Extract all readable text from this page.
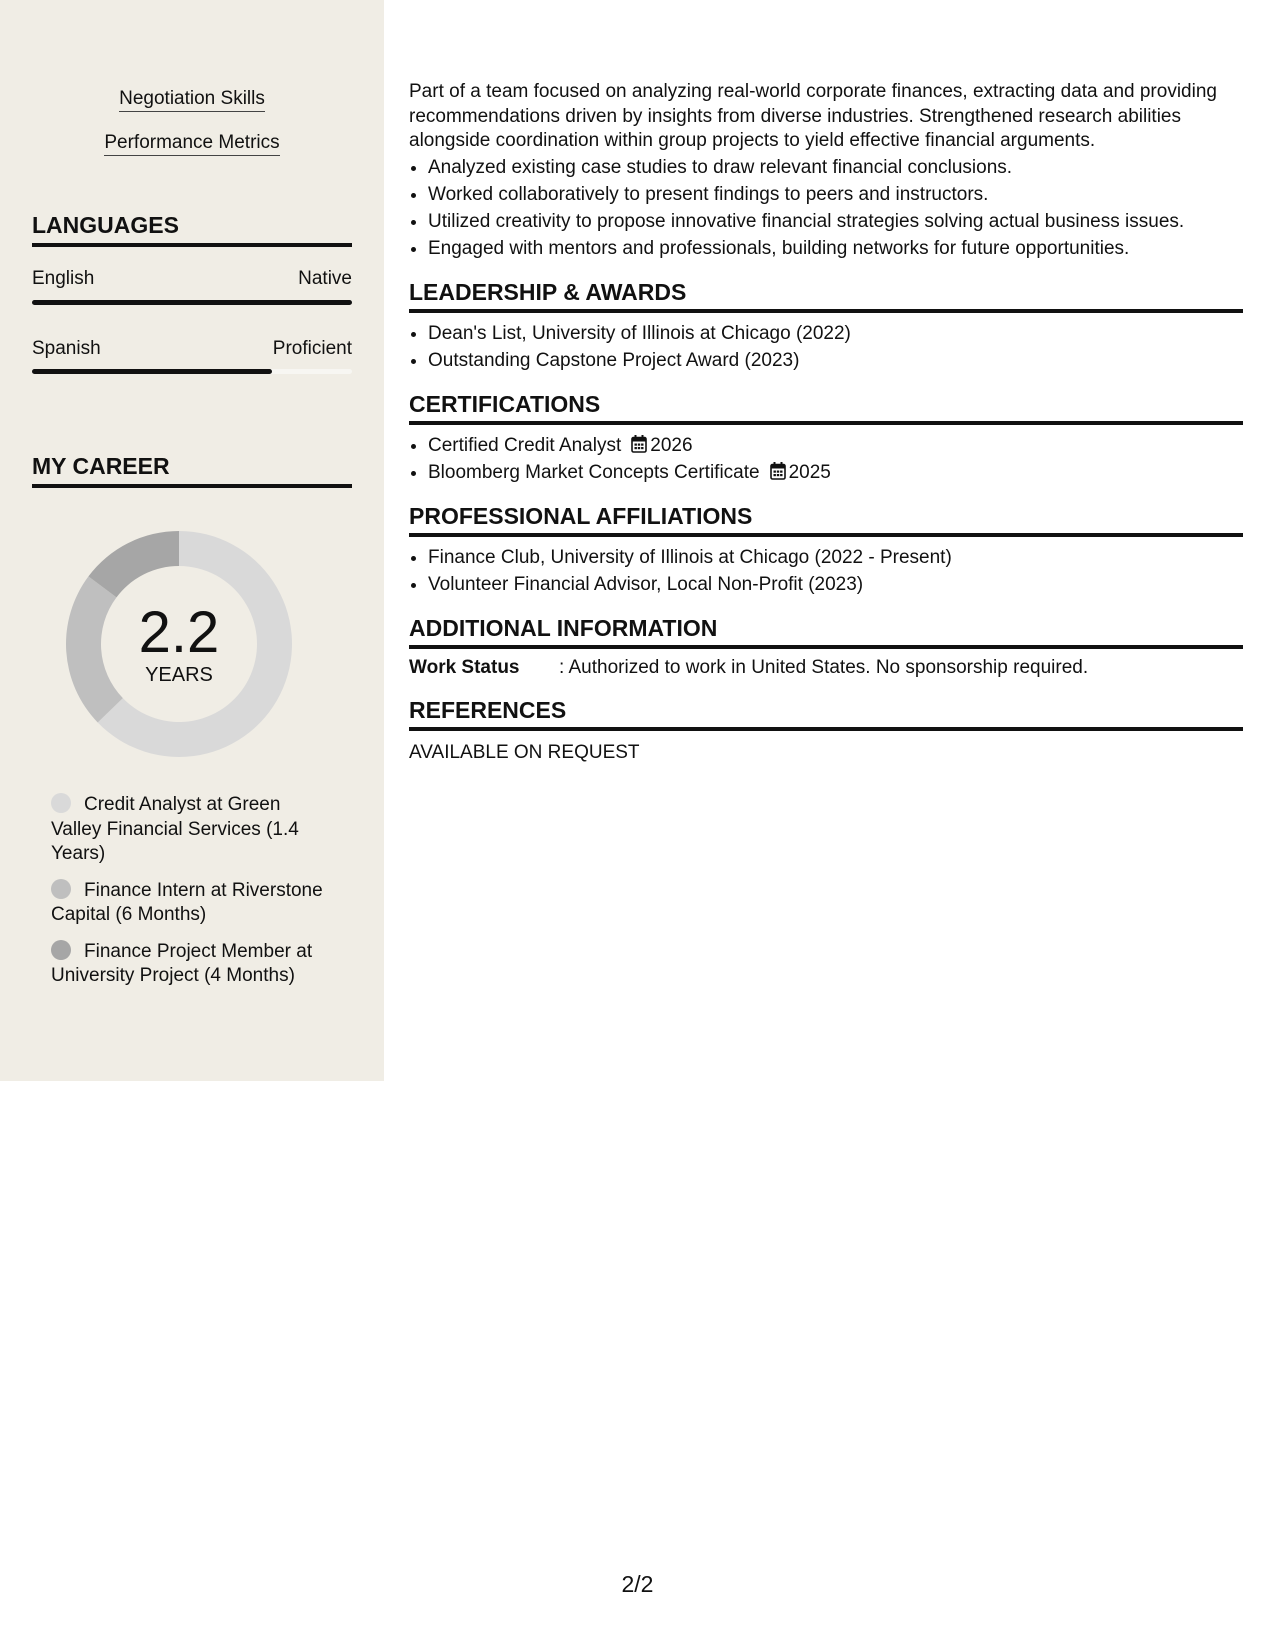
Negotiation Skills
Performance Metrics
LANGUAGES
English	Native
Spanish	Proficient
MY CAREER
2.2
YEARS
Credit Analyst at Green Valley Financial Services (1.4 Years)
Finance Intern at Riverstone Capital (6 Months)
Finance Project Member at University Project (4 Months)

Part of a team focused on analyzing real-world corporate finances, extracting data and providing recommendations driven by insights from diverse industries. Strengthened research abilities alongside coordination within group projects to yield effective financial arguments.

• Analyzed existing case studies to draw relevant financial conclusions.
• Worked collaboratively to present findings to peers and instructors.
• Utilized creativity to propose innovative financial strategies solving actual business issues.
• Engaged with mentors and professionals, building networks for future opportunities.
LEADERSHIP & AWARDS
• Dean's List, University of Illinois at Chicago (2022)
• Outstanding Capstone Project Award (2023)
CERTIFICATIONS
• Certified Credit Analyst 2026
• Bloomberg Market Concepts Certificate 2025
PROFESSIONAL AFFILIATIONS
• Finance Club, University of Illinois at Chicago (2022 - Present)
• Volunteer Financial Advisor, Local Non-Profit (2023)
ADDITIONAL INFORMATION
Work Status	: Authorized to work in United States. No sponsorship required.
REFERENCES
AVAILABLE ON REQUEST
2/2
